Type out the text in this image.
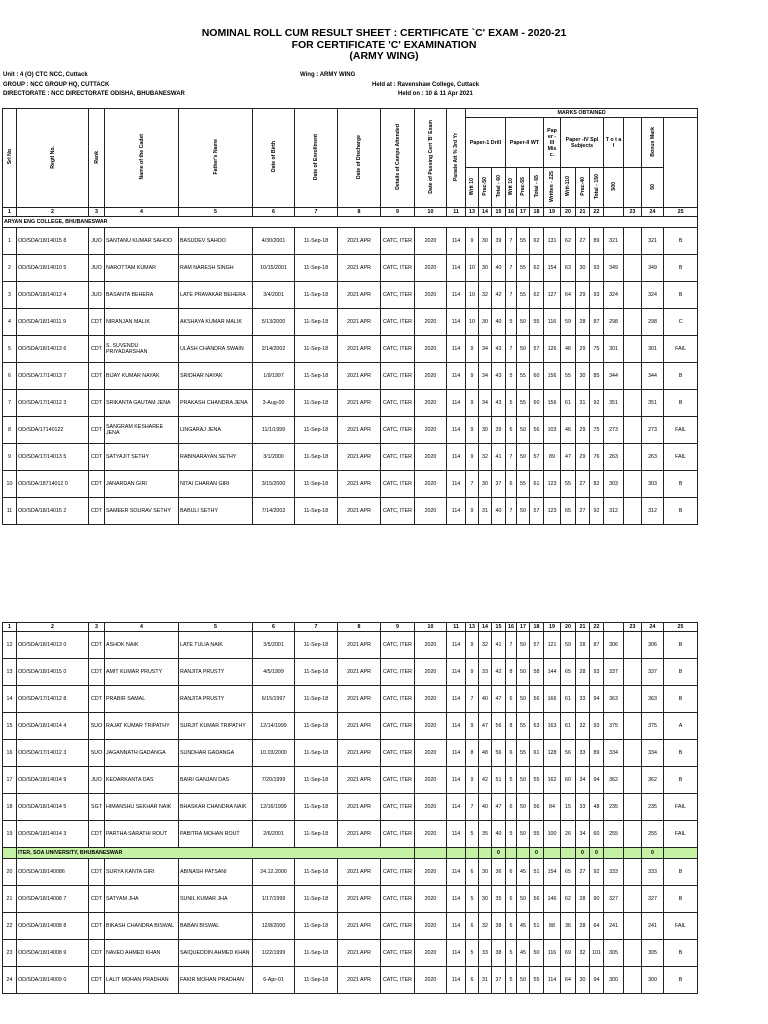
NOMINAL ROLL CUM RESULT SHEET : CERTIFICATE `C' EXAM - 2020-21
FOR CERTIFICATE 'C' EXAMINATION
(ARMY WING)
Unit : 4 (O) CTC NCC, Cuttack
GROUP : NCC GROUP HQ, CUTTACK
DIRECTORATE : NCC DIRECTORATE ODISHA, BHUBANESWAR
Wing : ARMY WING
Held at : Ravenshaw College, Cuttack
Held on : 10 & 11 Apr 2021
Srl No	Regtl No.	Rank	Name of the Cadet	Father's Name	Date of Birth	Date of Enrollment	Date of Discharge	Details of Camps Attended	Date of Passing Cert 'B' Exam	Parade Att % 3rd Yr	MARKS OBTAINED		
											Paper-1 Drill			Paper-II WT			Pap er - III Mis c.	Paper -IV Spl Subjects			T o t a l		Bonus Mark		
											Writ 10	Prac-50	Total - 60	Writ 10	Prac-55	Total - 65	Written - 225	Writ-110	Prac-40	Total - 150	500		50		
1	2	3	4	5	6	7	8	9	10	11	13	14	15	16	17	18	19	20	21	22		23	24	25	
ARYAN ENG COLLEGE, BHUBANESWAR																									
1	OD/SDA/18/14015 8	JUO	SANTANU KUMAR SAHOO	BASUDEV SAHOO	4/30/2001	11-Sep-18	2021 APR	CATC, ITER	2020	114	9	30	39	7	55	62	131	62	27	89	321		321	B	
2	OD/SDA/18/14010 5	JUO	NAROTTAM KUMAR	RAM NARESH SINGH	10/15/2001	11-Sep-18	2021 APR	CATC, ITER	2020	114	10	30	40	7	55	62	154	63	30	93	349		349	B	
3	OD/SDA/18/14012 4	JUO	BASANTA BEHERA	LATE PRAVAKAR BEHERA	3/4/2001	11-Sep-18	2021 APR	CATC, ITER	2020	114	10	32	42	7	55	62	127	64	29	93	324		324	B	
4	OD/SDA/18/14011 9	CDT	NIRANJAN MALIK	AKSHAYA KUMAR MALIK	5/13/2000	11-Sep-18	2021 APR	CATC, ITER	2020	114	10	30	40	5	50	55	116	59	28	87	298		298	C	
5	OD/SDA/18/14013 6	CDT	S. SUVENDU PRIYADARSHAN	ULASH CHANDRA SWAIN	2/14/2002	11-Sep-18	2021 APR	CATC, ITER	2020	114	9	34	43	7	50	57	126	46	29	75	301		301	FAIL	
6	OD/SDA/17/14013 7	CDT	BIJAY KUMAR NAYAK	SRIDHAR NAYAK	1/9/1997	11-Sep-18	2021 APR	CATC, ITER	2020	114	9	34	43	5	55	60	156	55	30	85	344		344	B	
7	OD/SDA/17/14012 3	CDT	SRIKANTA GAUTAM JENA	PRAKASH CHANDRA JENA	3-Aug-00	11-Sep-18	2021 APR	CATC, ITER	2020	114	9	34	43	5	55	60	156	61	31	92	351		351	B	
8	OD/SDA/17140122	CDT	SANGRAM KESHAREE JENA	LINGARAJ JENA	11/1/1999	11-Sep-18	2021 APR	CATC, ITER	2020	114	9	30	39	6	50	56	103	46	29	75	273		273	FAIL	
9	OD/SDA/17/14013 5	CDT	SATYAJIT SETHY	RABINARAYAN SETHY	3/1/2000	11-Sep-18	2021 APR	CATC, ITER	2020	114	9	32	41	7	50	57	89	47	29	76	263		263	FAIL	
10	OD/SDA/18714012 0	CDT	JANARDAN GIRI	NITAI CHARAN GIRI	3/15/2000	11-Sep-18	2021 APR	CATC, ITER	2020	114	7	30	37	6	55	61	123	55	27	82	303		303	B	
11	OD/SDA/18/14015 2	CDT	SAMEER SOURAV SETHY	BABULI SETHY	7/14/2002	11-Sep-18	2021 APR	CATC, ITER	2020	114	9	31	40	7	50	57	123	65	27	92	312		312	B	
1	2	3	4	5	6	7	8	9	10	11	13	14	15	16	17	18	19	20	21	22		23	24	25
12	OD/SDA/18/14013 0	CDT	ASHOK NAIK	LATE TULIA NAIK	3/5/2001	11-Sep-18	2021 APR	CATC, ITER	2020	114	9	32	41	7	50	57	121	59	28	87	306		306	B
13	OD/SDA/18/14015 0	CDT	AMIT KUMAR PRUSTY	RANJITA PRUSTY	4/5/1999	11-Sep-18	2021 APR	CATC, ITER	2020	114	9	33	42	8	50	58	144	65	28	93	337		337	B
14	OD/SDA/17/14012 8	CDT	PRABIR SAMAL	RANJITA PRUSTY	6/15/1997	11-Sep-18	2021 APR	CATC, ITER	2020	114	7	40	47	6	50	56	166	61	33	94	363		363	B
15	OD/SDA/18/14014 4	SUO	RAJAT KUMAR TRIPATHY	SURJIT KUMAR TRIPATHY	12/14/1999	11-Sep-18	2021 APR	CATC, ITER	2020	114	9	47	56	8	55	63	163	61	32	93	375		375	A
16	OD/SDA/17/14012 3	SUO	JAGANNATH GADANGA	SUNDHAR GADANGA	10.03/2000	11-Sep-18	2021 APR	CATC, ITER	2020	114	8	48	56	6	55	61	128	56	33	89	334		334	B
17	OD/SDA/18/14014 9	JUO	KEDARKANTA DAS	BAIRI GANJAN DAS	7/20/1999	11-Sep-18	2021 APR	CATC, ITER	2020	114	9	42	51	5	50	55	162	60	34	94	362		362	B
18	OD/SDA/18/14014 5	SGT	HIMANSHU SEKHAR NAIK	BHASKAR CHANDRA NAIK	12/16/1999	11-Sep-18	2021 APR	CATC, ITER	2020	114	7	40	47	6	50	56	84	15	33	48	235		235	FAIL
19	OD/SDA/18/14014 3	CDT	PARTHA SARATHI ROUT	PABITRA MOHAN ROUT	2/6/2001	11-Sep-18	2021 APR	CATC, ITER	2020	114	5	35	40	5	50	55	100	26	34	60	255		255	FAIL
	ITER, SOA UNIVERSITY, BHUBANESWAR												0			0			0	0			0	
20	OD/SDA/18/140086	CDT	SURYA KANTA GIRI	ABINASH PATSANI	24.12.2000	11-Sep-18	2021 APR	CATC, ITER	2020	114	6	30	36	6	45	51	154	65	27	92	333		333	B
21	OD/SDA/18/14008 7	CDT	SATYAM JHA	SUNIL KUMAR JHA	1/17/1999	11-Sep-18	2021 APR	CATC, ITER	2020	114	5	30	35	6	50	56	146	62	28	90	327		327	B
22	OD/SDA/18/14008 8	CDT	BIKASH CHANDRA BISWAL	BABAN BISWAL	12/8/2000	11-Sep-18	2021 APR	CATC, ITER	2020	114	6	32	38	6	45	51	88	36	28	64	241		241	FAIL
23	OD/SDA/18/14008 9	CDT	NAVED AHMED KHAN	SAIQUEDDIN AHMED KHAN	1/22/1999	11-Sep-18	2021 APR	CATC, ITER	2020	114	5	33	38	5	45	50	116	69	32	101	305		305	B
24	OD/SDA/18/14009 0	CDT	LALIT MOHAN PRADHAN	FAKIR MOHAN PRADHAN	6-Apr-01	11-Sep-18	2021 APR	CATC, ITER	2020	114	6	31	37	5	50	55	114	64	30	94	300		300	B
